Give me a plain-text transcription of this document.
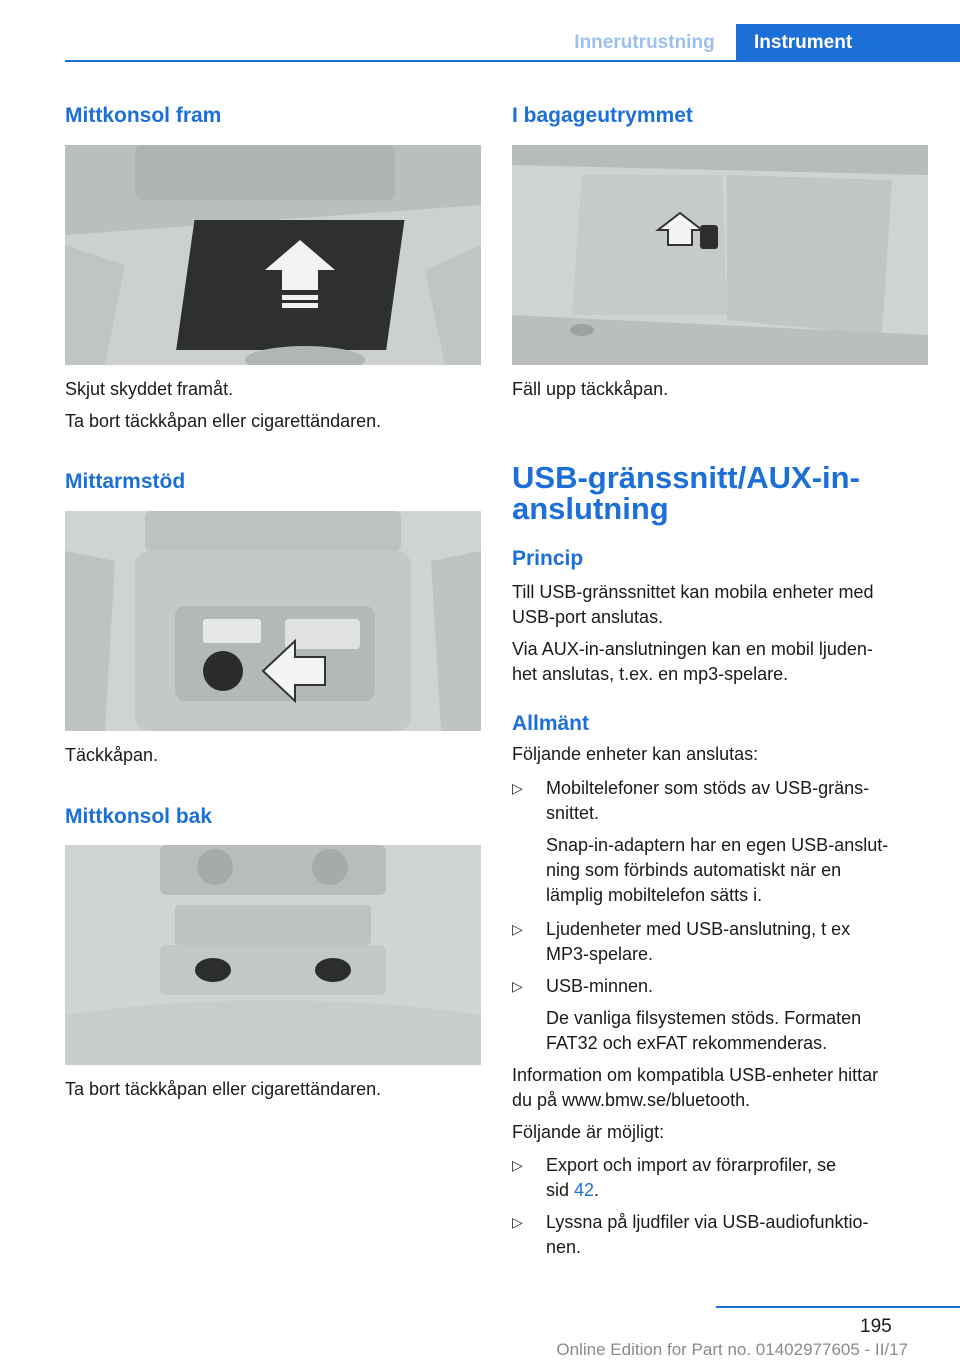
Innerutrustning	Instrument
Mittkonsol fram
Skjut skyddet framåt.
Ta bort täckkåpan eller cigarettändaren.
Mittarmstöd
Täckkåpan.
Mittkonsol bak
Ta bort täckkåpan eller cigarettändaren.
I bagageutrymmet
Fäll upp täckkåpan.
USB-gränssnitt/AUX-in-
anslutning
Princip
Till USB-gränssnittet kan mobila enheter med
USB-port anslutas.
Via AUX-in-anslutningen kan en mobil ljuden‐
het anslutas, t.ex. en mp3-spelare.
Allmänt
Följande enheter kan anslutas:
▷ Mobiltelefoner som stöds av USB-gräns‐
snittet.
Snap-in-adaptern har en egen USB-anslut‐
ning som förbinds automatiskt när en
lämplig mobiltelefon sätts i.
▷ Ljudenheter med USB-anslutning, t ex
MP3-spelare.
▷ USB-minnen.
De vanliga filsystemen stöds. Formaten
FAT32 och exFAT rekommenderas.
Information om kompatibla USB-enheter hittar
du på www.bmw.se/bluetooth.
Följande är möjligt:
▷ Export och import av förarprofiler, se
sid 42.
▷ Lyssna på ljudfiler via USB-audiofunktio‐
nen.
195
Online Edition for Part no. 01402977605 - II/17
